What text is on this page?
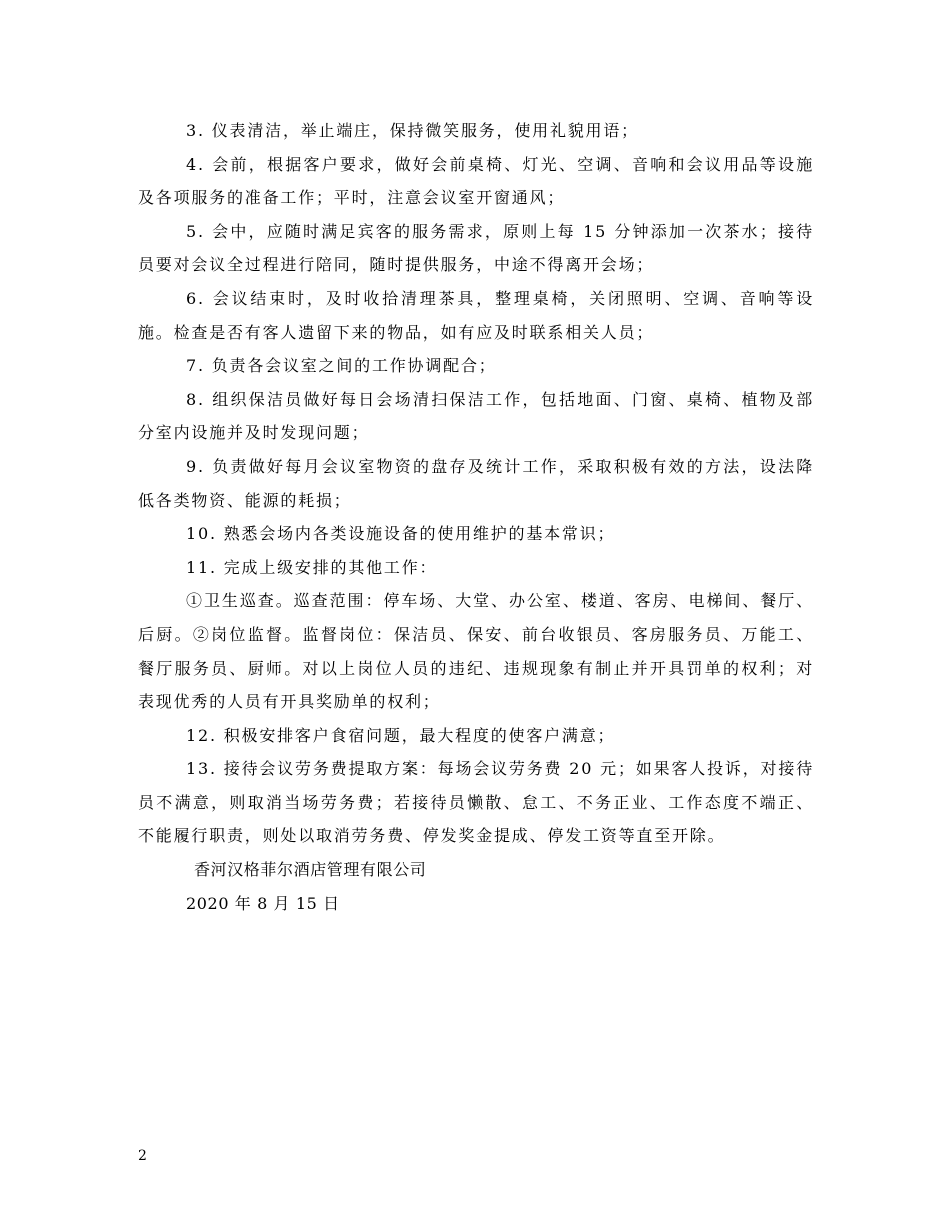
3. 仪表清洁，举止端庄，保持微笑服务，使用礼貌用语；

4. 会前，根据客户要求，做好会前桌椅、灯光、空调、音响和会议用品等设施及各项服务的准备工作；平时，注意会议室开窗通风；

5. 会中，应随时满足宾客的服务需求，原则上每 15 分钟添加一次茶水；接待员要对会议全过程进行陪同，随时提供服务，中途不得离开会场；

6. 会议结束时，及时收拾清理茶具，整理桌椅，关闭照明、空调、音响等设施。检查是否有客人遗留下来的物品，如有应及时联系相关人员；

7. 负责各会议室之间的工作协调配合；

8. 组织保洁员做好每日会场清扫保洁工作，包括地面、门窗、桌椅、植物及部分室内设施并及时发现问题；

9. 负责做好每月会议室物资的盘存及统计工作，采取积极有效的方法，设法降低各类物资、能源的耗损；

10. 熟悉会场内各类设施设备的使用维护的基本常识；

11. 完成上级安排的其他工作：

①卫生巡查。巡查范围：停车场、大堂、办公室、楼道、客房、电梯间、餐厅、后厨。②岗位监督。监督岗位：保洁员、保安、前台收银员、客房服务员、万能工、餐厅服务员、厨师。对以上岗位人员的违纪、违规现象有制止并开具罚单的权利；对表现优秀的人员有开具奖励单的权利；

12. 积极安排客户食宿问题，最大程度的使客户满意；

13. 接待会议劳务费提取方案：每场会议劳务费 20 元；如果客人投诉，对接待员不满意，则取消当场劳务费；若接待员懒散、怠工、不务正业、工作态度不端正、不能履行职责，则处以取消劳务费、停发奖金提成、停发工资等直至开除。

香河汉格菲尔酒店管理有限公司

2020 年 8 月 15 日

2
